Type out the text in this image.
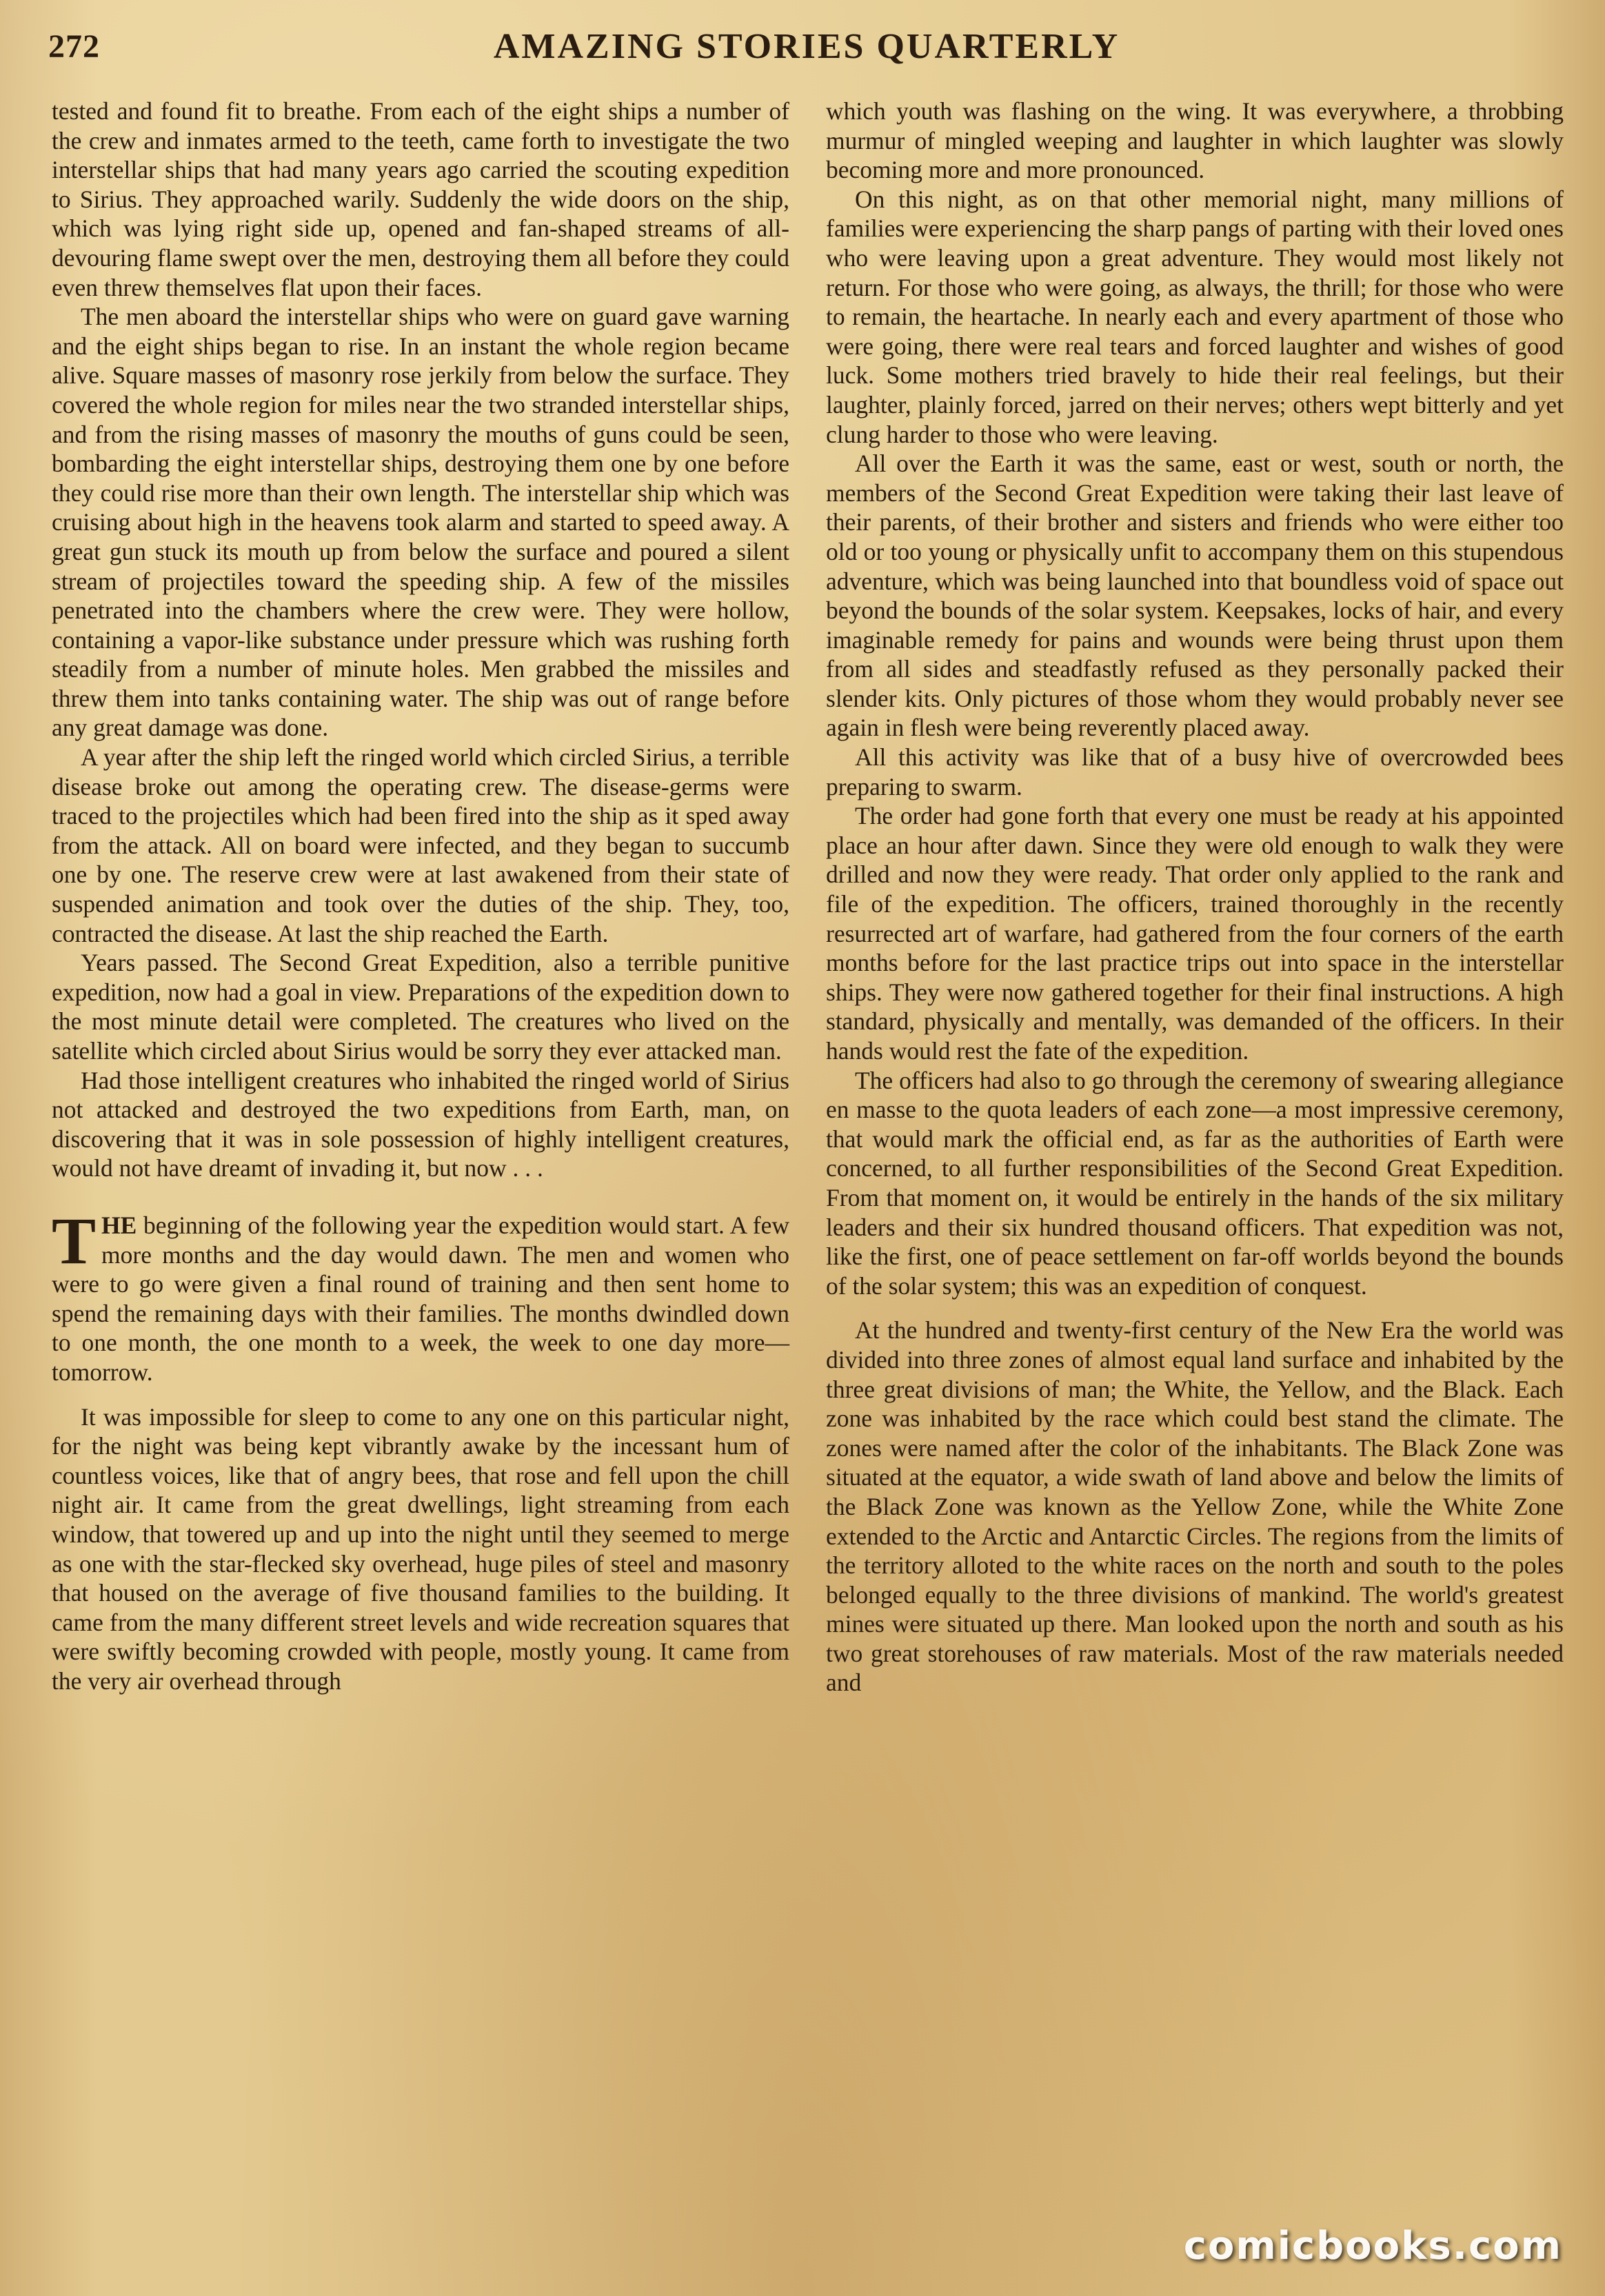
272	AMAZING STORIES QUARTERLY

tested and found fit to breathe. From each of the eight ships a number of the crew and inmates armed to the teeth, came forth to investigate the two interstellar ships that had many years ago carried the scouting expedition to Sirius. They approached warily. Suddenly the wide doors on the ship, which was lying right side up, opened and fan-shaped streams of all-devouring flame swept over the men, destroying them all before they could even threw themselves flat upon their faces.

The men aboard the interstellar ships who were on guard gave warning and the eight ships began to rise. In an instant the whole region became alive. Square masses of masonry rose jerkily from below the surface. They covered the whole region for miles near the two stranded interstellar ships, and from the rising masses of masonry the mouths of guns could be seen, bombarding the eight interstellar ships, destroying them one by one before they could rise more than their own length. The interstellar ship which was cruising about high in the heavens took alarm and started to speed away. A great gun stuck its mouth up from below the surface and poured a silent stream of projectiles toward the speeding ship. A few of the missiles penetrated into the chambers where the crew were. They were hollow, containing a vapor-like substance under pressure which was rushing forth steadily from a number of minute holes. Men grabbed the missiles and threw them into tanks containing water. The ship was out of range before any great damage was done.

A year after the ship left the ringed world which circled Sirius, a terrible disease broke out among the operating crew. The disease-germs were traced to the projectiles which had been fired into the ship as it sped away from the attack. All on board were infected, and they began to succumb one by one. The reserve crew were at last awakened from their state of suspended animation and took over the duties of the ship. They, too, contracted the disease. At last the ship reached the Earth.

Years passed. The Second Great Expedition, also a terrible punitive expedition, now had a goal in view. Preparations of the expedition down to the most minute detail were completed. The creatures who lived on the satellite which circled about Sirius would be sorry they ever attacked man.

Had those intelligent creatures who inhabited the ringed world of Sirius not attacked and destroyed the two expeditions from Earth, man, on discovering that it was in sole possession of highly intelligent creatures, would not have dreamt of invading it, but now . . .

THE beginning of the following year the expedition would start. A few more months and the day would dawn. The men and women who were to go were given a final round of training and then sent home to spend the remaining days with their families. The months dwindled down to one month, the one month to a week, the week to one day more—tomorrow.

It was impossible for sleep to come to any one on this particular night, for the night was being kept vibrantly awake by the incessant hum of countless voices, like that of angry bees, that rose and fell upon the chill night air. It came from the great dwellings, light streaming from each window, that towered up and up into the night until they seemed to merge as one with the star-flecked sky overhead, huge piles of steel and masonry that housed on the average of five thousand families to the building. It came from the many different street levels and wide recreation squares that were swiftly becoming crowded with people, mostly young. It came from the very air overhead through

which youth was flashing on the wing. It was everywhere, a throbbing murmur of mingled weeping and laughter in which laughter was slowly becoming more and more pronounced.

On this night, as on that other memorial night, many millions of families were experiencing the sharp pangs of parting with their loved ones who were leaving upon a great adventure. They would most likely not return. For those who were going, as always, the thrill; for those who were to remain, the heartache. In nearly each and every apartment of those who were going, there were real tears and forced laughter and wishes of good luck. Some mothers tried bravely to hide their real feelings, but their laughter, plainly forced, jarred on their nerves; others wept bitterly and yet clung harder to those who were leaving.

All over the Earth it was the same, east or west, south or north, the members of the Second Great Expedition were taking their last leave of their parents, of their brother and sisters and friends who were either too old or too young or physically unfit to accompany them on this stupendous adventure, which was being launched into that boundless void of space out beyond the bounds of the solar system. Keepsakes, locks of hair, and every imaginable remedy for pains and wounds were being thrust upon them from all sides and steadfastly refused as they personally packed their slender kits. Only pictures of those whom they would probably never see again in flesh were being reverently placed away.

All this activity was like that of a busy hive of overcrowded bees preparing to swarm.

The order had gone forth that every one must be ready at his appointed place an hour after dawn. Since they were old enough to walk they were drilled and now they were ready. That order only applied to the rank and file of the expedition. The officers, trained thoroughly in the recently resurrected art of warfare, had gathered from the four corners of the earth months before for the last practice trips out into space in the interstellar ships. They were now gathered together for their final instructions. A high standard, physically and mentally, was demanded of the officers. In their hands would rest the fate of the expedition.

The officers had also to go through the ceremony of swearing allegiance en masse to the quota leaders of each zone—a most impressive ceremony, that would mark the official end, as far as the authorities of Earth were concerned, to all further responsibilities of the Second Great Expedition. From that moment on, it would be entirely in the hands of the six military leaders and their six hundred thousand officers. That expedition was not, like the first, one of peace settlement on far-off worlds beyond the bounds of the solar system; this was an expedition of conquest.

At the hundred and twenty-first century of the New Era the world was divided into three zones of almost equal land surface and inhabited by the three great divisions of man; the White, the Yellow, and the Black. Each zone was inhabited by the race which could best stand the climate. The zones were named after the color of the inhabitants. The Black Zone was situated at the equator, a wide swath of land above and below the limits of the Black Zone was known as the Yellow Zone, while the White Zone extended to the Arctic and Antarctic Circles. The regions from the limits of the territory alloted to the white races on the north and south to the poles belonged equally to the three divisions of mankind. The world's greatest mines were situated up there. Man looked upon the north and south as his two great storehouses of raw materials. Most of the raw materials needed and

comicbooks.com
